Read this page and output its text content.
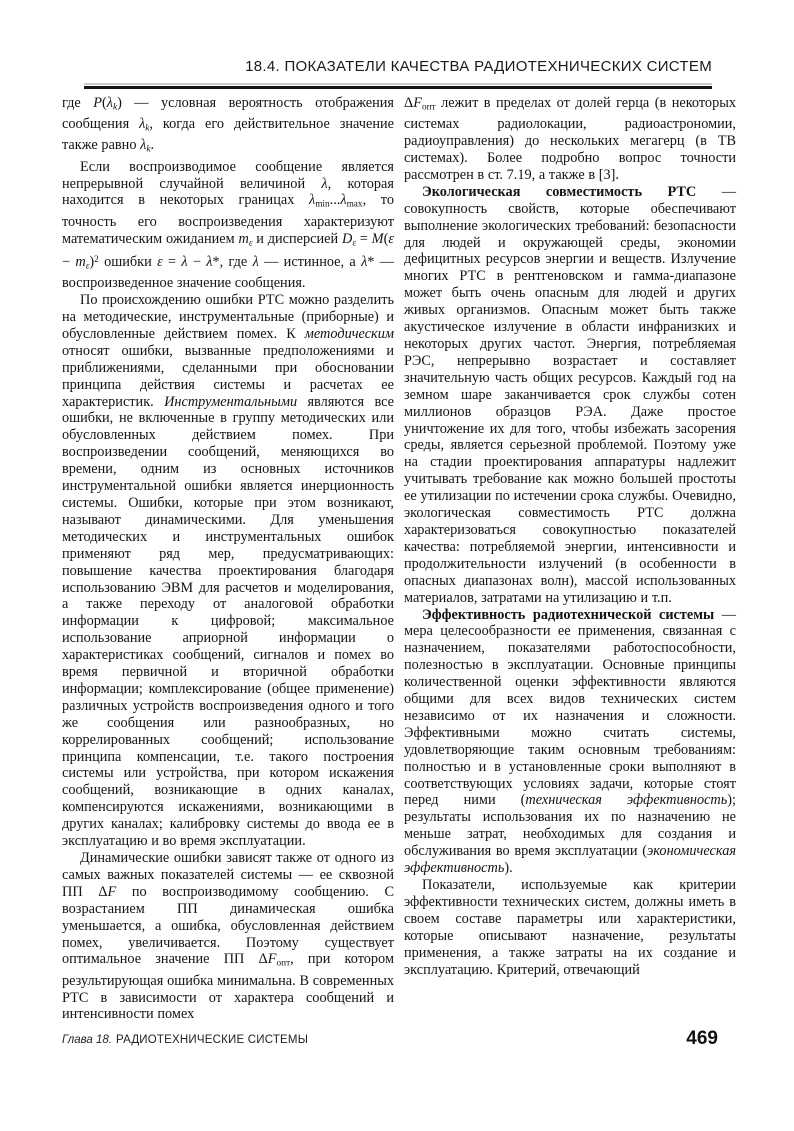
18.4. ПОКАЗАТЕЛИ КАЧЕСТВА РАДИОТЕХНИЧЕСКИХ СИСТЕМ

где P(λk) — условная вероятность отображения сообщения λk, когда его действительное значение также равно λk.

Если воспроизводимое сообщение является непрерывной случайной величиной λ, которая находится в некоторых границах λmin...λmax, то точность его воспроизведения характеризуют математическим ожиданием mε и дисперсией $D\varepsilon = M(\varepsilon - m\varepsilon)^2$ ошибки ε = λ − λ*, где λ — истинное, а λ* — воспроизведенное значение сообщения.

По происхождению ошибки РТС можно разделить на методические, инструментальные (приборные) и обусловленные действием помех. К методическим относят ошибки, вызванные предположениями и приближениями, сделанными при обосновании принципа действия системы и расчетах ее характеристик. Инструментальными являются все ошибки, не включенные в группу методических или обусловленных действием помех. При воспроизведении сообщений, меняющихся во времени, одним из основных источников инструментальной ошибки является инерционность системы. Ошибки, которые при этом возникают, называют динамическими. Для уменьшения методических и инструментальных ошибок применяют ряд мер, предусматривающих: повышение качества проектирования благодаря использованию ЭВМ для расчетов и моделирования, а также переходу от аналоговой обработки информации к цифровой; максимальное использование априорной информации о характеристиках сообщений, сигналов и помех во время первичной и вторичной обработки информации; комплексирование (общее применение) различных устройств воспроизведения одного и того же сообщения или разнообразных, но коррелированных сообщений; использование принципа компенсации, т.е. такого построения системы или устройства, при котором искажения сообщений, возникающие в одних каналах, компенсируются искажениями, возникающими в других каналах; калибровку системы до ввода ее в эксплуатацию и во время эксплуатации.

Динамические ошибки зависят также от одного из самых важных показателей системы — ее сквозной ПП ΔF по воспроизводимому сообщению. С возрастанием ПП динамическая ошибка уменьшается, а ошибка, обусловленная действием помех, увеличивается. Поэтому существует оптимальное значение ПП ΔFопт, при котором результирующая ошибка минимальна. В современных РТС в зависимости от характера сообщений и интенсивности помех

ΔFопт лежит в пределах от долей герца (в некоторых системах радиолокации, радиоастрономии, радиоуправления) до нескольких мегагерц (в ТВ системах). Более подробно вопрос точности рассмотрен в ст. 7.19, а также в [3].

Экологическая совместимость РТС — совокупность свойств, которые обеспечивают выполнение экологических требований: безопасности для людей и окружающей среды, экономии дефицитных ресурсов энергии и веществ. Излучение многих РТС в рентгеновском и гамма-диапазоне может быть очень опасным для людей и других живых организмов. Опасным может быть также акустическое излучение в области инфранизких и некоторых других частот. Энергия, потребляемая РЭС, непрерывно возрастает и составляет значительную часть общих ресурсов. Каждый год на земном шаре заканчивается срок службы сотен миллионов образцов РЭА. Даже простое уничтожение их для того, чтобы избежать засорения среды, является серьезной проблемой. Поэтому уже на стадии проектирования аппаратуры надлежит учитывать требование как можно большей простоты ее утилизации по истечении срока службы. Очевидно, экологическая совместимость РТС должна характеризоваться совокупностью показателей качества: потребляемой энергии, интенсивности и продолжительности излучений (в особенности в опасных диапазонах волн), массой использованных материалов, затратами на утилизацию и т.п.

Эффективность радиотехнической системы — мера целесообразности ее применения, связанная с назначением, показателями работоспособности, полезностью в эксплуатации. Основные принципы количественной оценки эффективности являются общими для всех видов технических систем независимо от их назначения и сложности. Эффективными можно считать системы, удовлетворяющие таким основным требованиям: полностью и в установленные сроки выполняют в соответствующих условиях задачи, которые стоят перед ними (техническая эффективность); результаты использования их по назначению не меньше затрат, необходимых для создания и обслуживания во время эксплуатации (экономическая эффективность).

Показатели, используемые как критерии эффективности технических систем, должны иметь в своем составе параметры или характеристики, которые описывают назначение, результаты применения, а также затраты на их создание и эксплуатацию. Критерий, отвечающий

Глава 18. РАДИОТЕХНИЧЕСКИЕ СИСТЕМЫ	469
